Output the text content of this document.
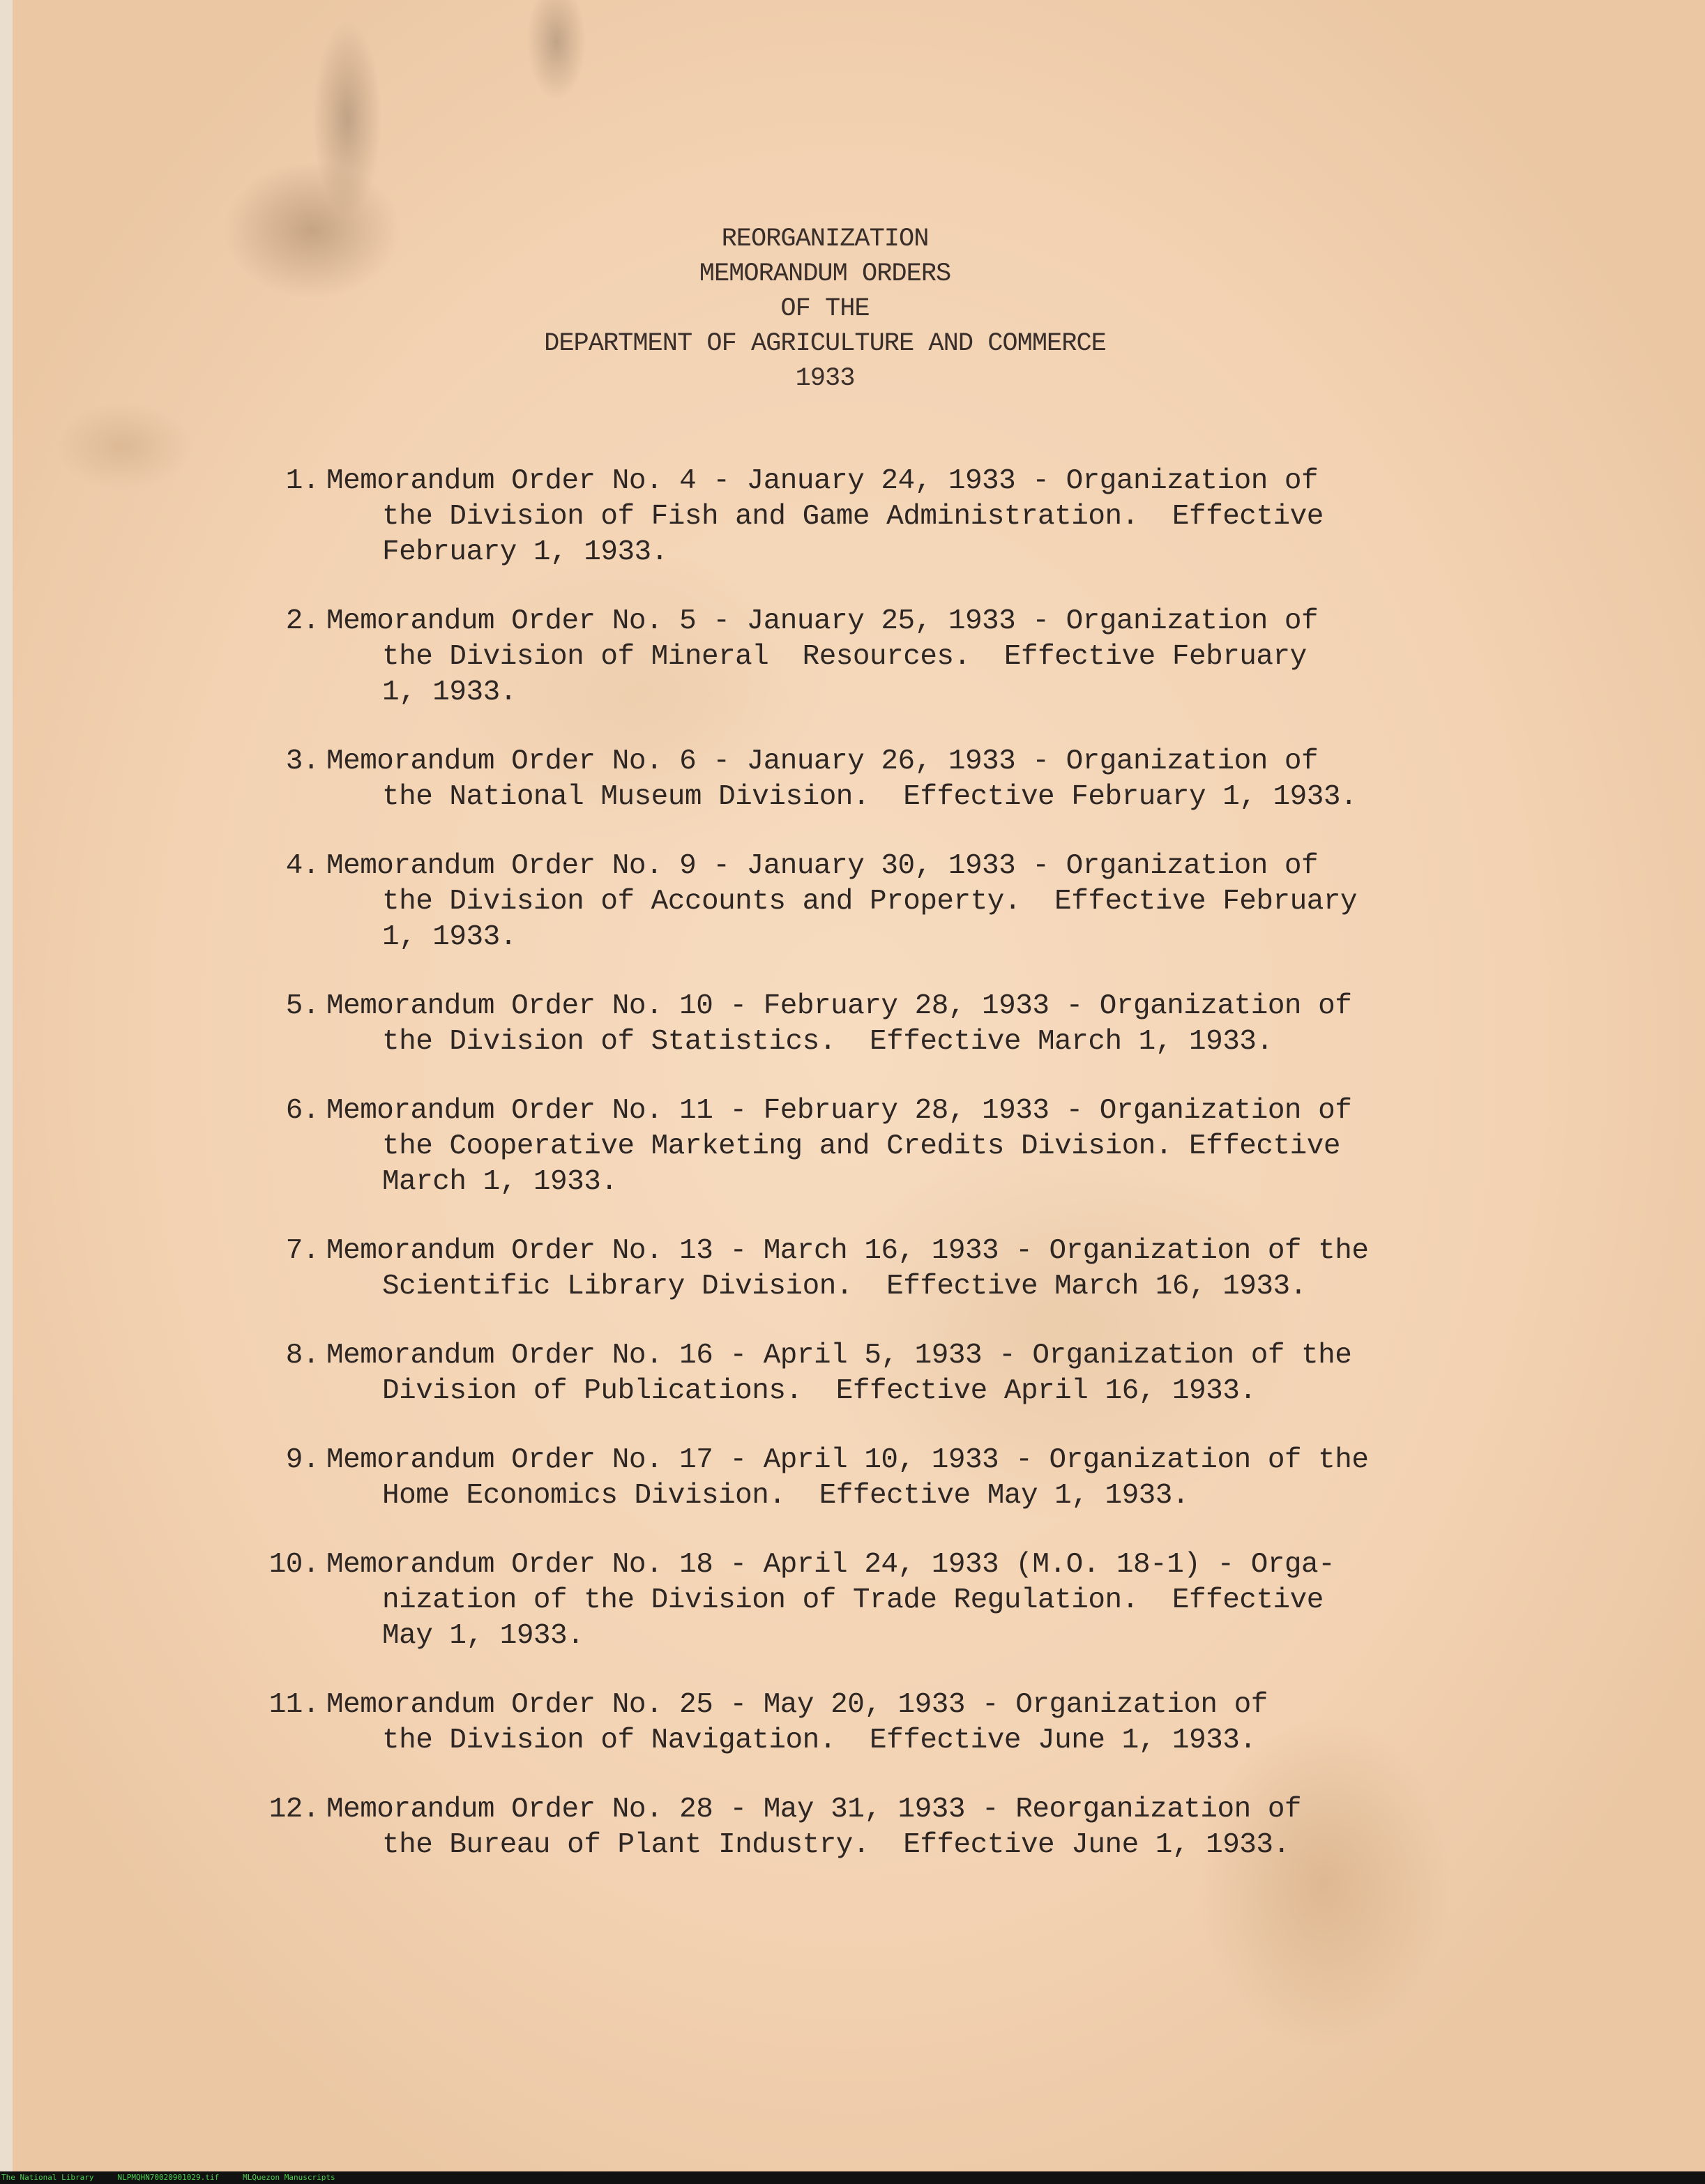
REORGANIZATION
MEMORANDUM ORDERS
OF THE
DEPARTMENT OF AGRICULTURE AND COMMERCE
1933
1. Memorandum Order No. 4 - January 24, 1933 - Organization of
the Division of Fish and Game Administration.  Effective
February 1, 1933.
2. Memorandum Order No. 5 - January 25, 1933 - Organization of
the Division of Mineral  Resources.  Effective February
1, 1933.
3. Memorandum Order No. 6 - January 26, 1933 - Organization of
the National Museum Division.  Effective February 1, 1933.
4. Memorandum Order No. 9 - January 30, 1933 - Organization of
the Division of Accounts and Property.  Effective February
1, 1933.
5. Memorandum Order No. 10 - February 28, 1933 - Organization of
the Division of Statistics.  Effective March 1, 1933.
6. Memorandum Order No. 11 - February 28, 1933 - Organization of
the Cooperative Marketing and Credits Division. Effective
March 1, 1933.
7. Memorandum Order No. 13 - March 16, 1933 - Organization of the
Scientific Library Division.  Effective March 16, 1933.
8. Memorandum Order No. 16 - April 5, 1933 - Organization of the
Division of Publications.  Effective April 16, 1933.
9. Memorandum Order No. 17 - April 10, 1933 - Organization of the
Home Economics Division.  Effective May 1, 1933.
10. Memorandum Order No. 18 - April 24, 1933 (M.O. 18-1) - Orga-
nization of the Division of Trade Regulation.  Effective
May 1, 1933.
11. Memorandum Order No. 25 - May 20, 1933 - Organization of
the Division of Navigation.  Effective June 1, 1933.
12. Memorandum Order No. 28 - May 31, 1933 - Reorganization of
the Bureau of Plant Industry.  Effective June 1, 1933.
The National Library	NLPMQHN70020901029.tif	MLQuezon Manuscripts
